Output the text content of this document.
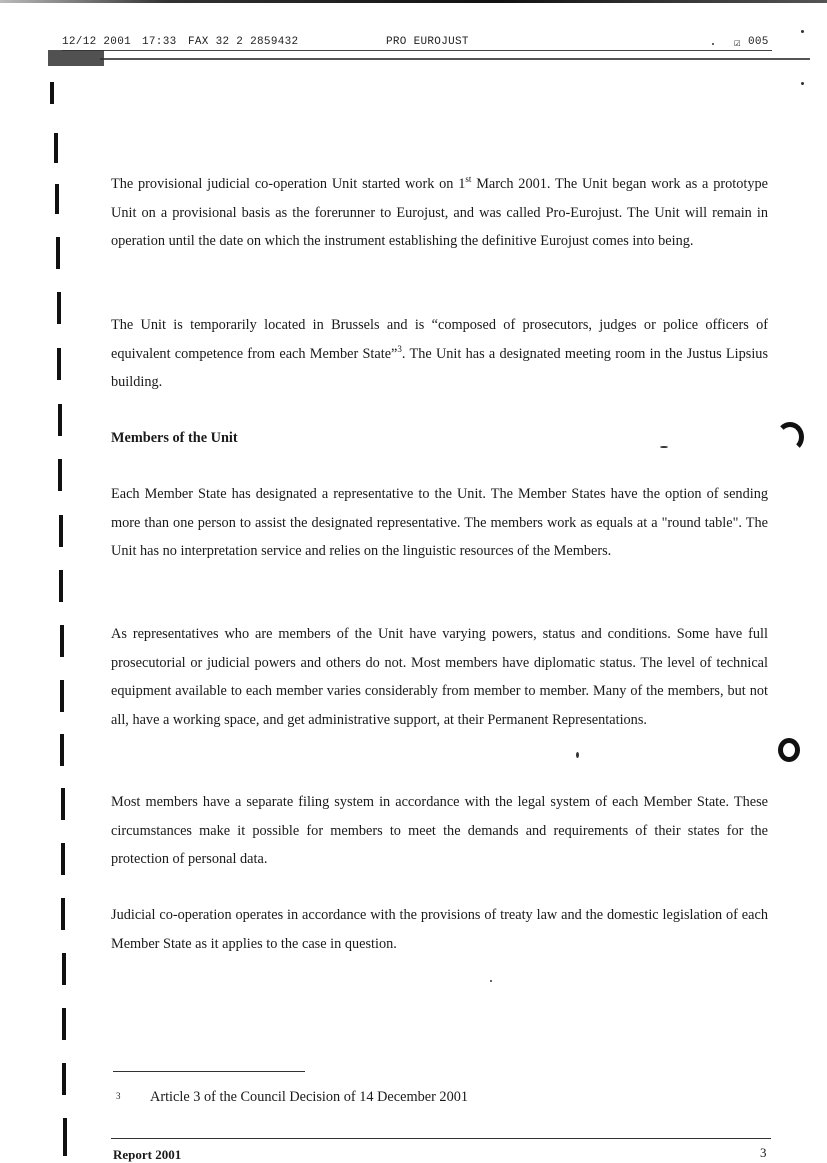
12/12 2001 17:33 FAX 32 2 2859432	PRO EUROJUST	☑ 005

The provisional judicial co-operation Unit started work on 1st March 2001. The Unit began work as a prototype Unit on a provisional basis as the forerunner to Eurojust, and was called Pro-Eurojust. The Unit will remain in operation until the date on which the instrument establishing the definitive Eurojust comes into being.

The Unit is temporarily located in Brussels and is “composed of prosecutors, judges or police officers of equivalent competence from each Member State”$^3$. The Unit has a designated meeting room in the Justus Lipsius building.

Members of the Unit

Each Member State has designated a representative to the Unit. The Member States have the option of sending more than one person to assist the designated representative. The members work as equals at a "round table". The Unit has no interpretation service and relies on the linguistic resources of the Members.

As representatives who are members of the Unit have varying powers, status and conditions. Some have full prosecutorial or judicial powers and others do not. Most members have diplomatic status. The level of technical equipment available to each member varies considerably from member to member. Many of the members, but not all, have a working space, and get administrative support, at their Permanent Representations.

Most members have a separate filing system in accordance with the legal system of each Member State. These circumstances make it possible for members to meet the demands and requirements of their states for the protection of personal data.

Judicial co-operation operates in accordance with the provisions of treaty law and the domestic legislation of each Member State as it applies to the case in question.

3 Article 3 of the Council Decision of 14 December 2001
Report 2001	3
